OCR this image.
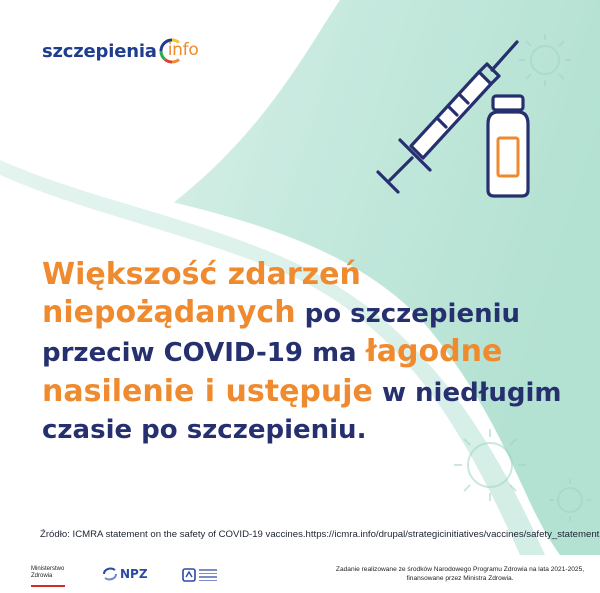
szczepienia info
Większość zdarzeń
niepożądanych po szczepieniu
przeciw COVID-19 ma łagodne
nasilenie i ustępuje w niedługim
czasie po szczepieniu.
Źródło: ICMRA statement on the safety of COVID-19 vaccines.https://icmra.info/drupal/strategicinitiatives/vaccines/safety_statement
Ministerstwo
Zdrowia	NPZ	Zadanie realizowane ze środków Narodowego Programu Zdrowia na lata 2021-2025,
finansowane przez Ministra Zdrowia.
